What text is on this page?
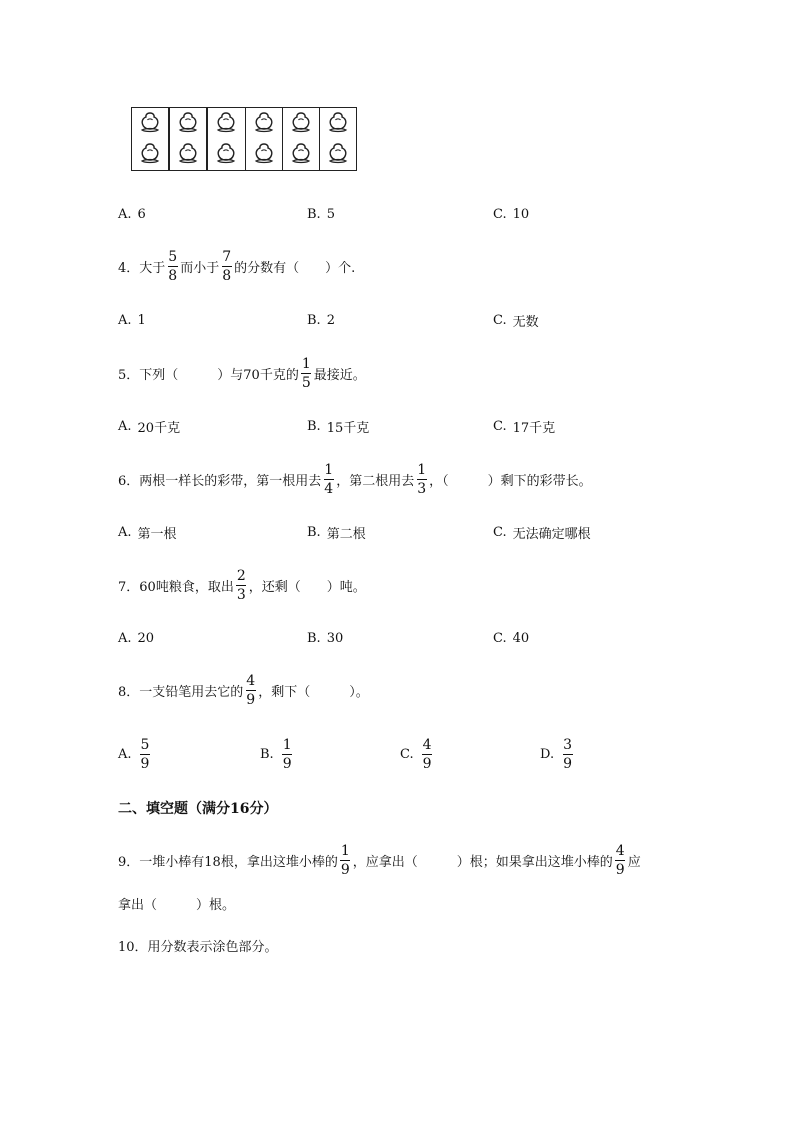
A. 6	B. 5	C. 10
4．大于 $\frac{5}{8}$ 而小于 $\frac{7}{8}$ 的分数有（　　）个.
A. 1	B. 2	C. 无数
5．下列（　　　）与70千克的 $\frac{1}{5}$ 最接近。
A. 20千克	B. 15千克	C. 17千克
6．两根一样长的彩带，第一根用去 $\frac{1}{4}$ ，第二根用去 $\frac{1}{3}$ ，（　　　）剩下的彩带长。
A. 第一根	B. 第二根	C. 无法确定哪根
7．60吨粮食，取出 $\frac{2}{3}$ ，还剩（　　）吨。
A. 20	B. 30	C. 40
8．一支铅笔用去它的 $\frac{4}{9}$ ，剩下（　　　）。
A. $\frac{5}{9}$	B. $\frac{1}{9}$	C. $\frac{4}{9}$	D. $\frac{3}{9}$
二、填空题（满分16分）
9．一堆小棒有18根，拿出这堆小棒的 $\frac{1}{9}$ ，应拿出（　　　）根；如果拿出这堆小棒的 $\frac{4}{9}$ 应
拿出（　　　）根。
10．用分数表示涂色部分。
